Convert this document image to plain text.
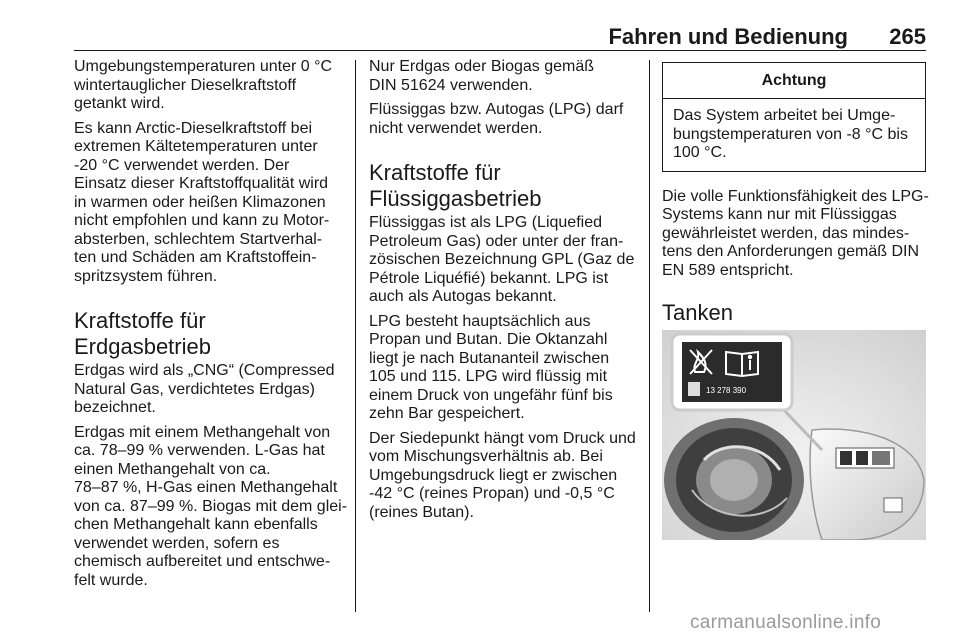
Fahren und Bedienung 265

Umgebungstemperaturen unter 0 °C
wintertauglicher Dieselkraftstoff
getankt wird.

Es kann Arctic-Dieselkraftstoff bei
extremen Kältetemperaturen unter
-20 °C verwendet werden. Der
Einsatz dieser Kraftstoffqualität wird
in warmen oder heißen Klimazonen
nicht empfohlen und kann zu Motor-
absterben, schlechtem Startverhal-
ten und Schäden am Kraftstoffein-
spritzsystem führen.

Kraftstoffe für
Erdgasbetrieb

Erdgas wird als „CNG“ (Compressed
Natural Gas, verdichtetes Erdgas)
bezeichnet.

Erdgas mit einem Methangehalt von
ca. 78–99 % verwenden. L-Gas hat
einen Methangehalt von ca.
78–87 %, H-Gas einen Methangehalt
von ca. 87–99 %. Biogas mit dem glei-
chen Methangehalt kann ebenfalls
verwendet werden, sofern es
chemisch aufbereitet und entschwe-
felt wurde.

Nur Erdgas oder Biogas gemäß
DIN 51624 verwenden.

Flüssiggas bzw. Autogas (LPG) darf
nicht verwendet werden.

Kraftstoffe für
Flüssiggasbetrieb

Flüssiggas ist als LPG (Liquefied
Petroleum Gas) oder unter der fran-
zösischen Bezeichnung GPL (Gaz de
Pétrole Liquéfié) bekannt. LPG ist
auch als Autogas bekannt.

LPG besteht hauptsächlich aus
Propan und Butan. Die Oktanzahl
liegt je nach Butananteil zwischen
105 und 115. LPG wird flüssig mit
einem Druck von ungefähr fünf bis
zehn Bar gespeichert.

Der Siedepunkt hängt vom Druck und
vom Mischungsverhältnis ab. Bei
Umgebungsdruck liegt er zwischen
-42 °C (reines Propan) und -0,5 °C
(reines Butan).

Achtung

Das System arbeitet bei Umge-
bungstemperaturen von -8 °C bis
100 °C.

Die volle Funktionsfähigkeit des LPG-
Systems kann nur mit Flüssiggas
gewährleistet werden, das mindes-
tens den Anforderungen gemäß DIN
EN 589 entspricht.

Tanken
13 278 390
carmanualsonline.info
